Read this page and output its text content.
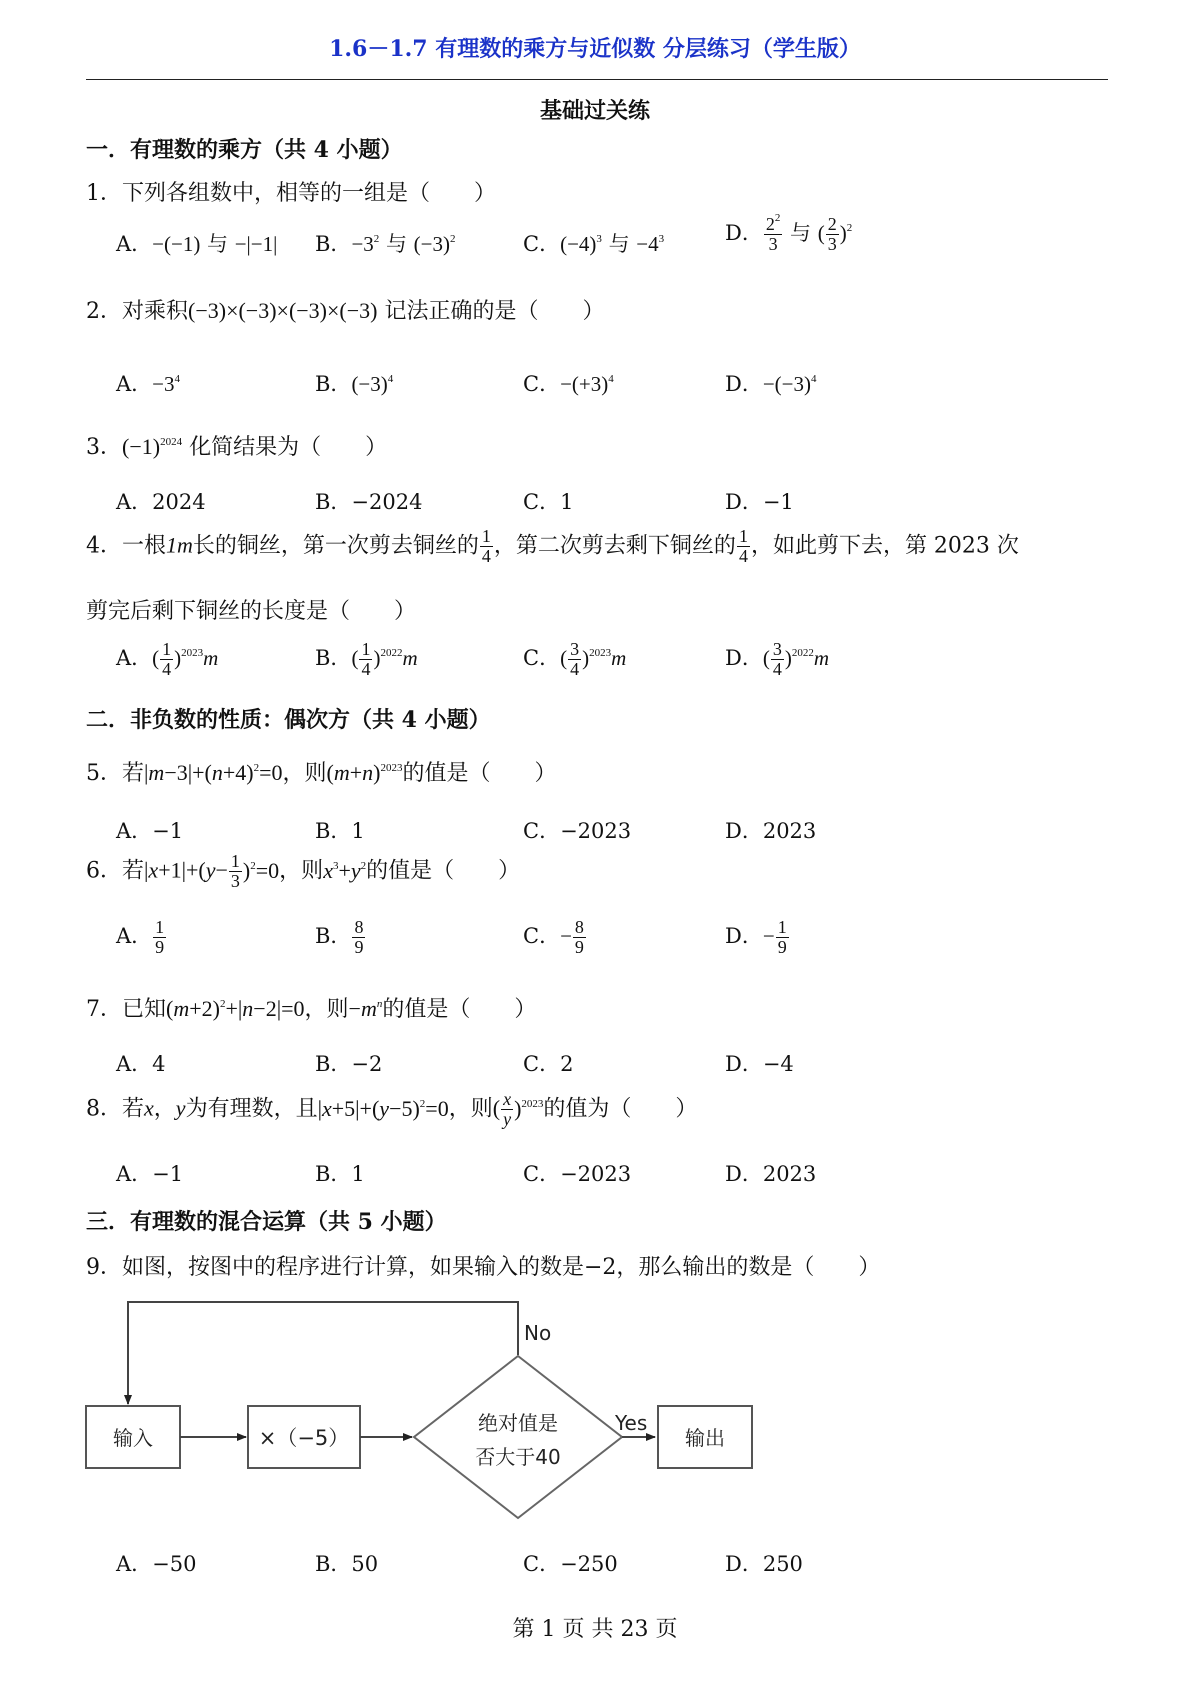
1.6－1.7 有理数的乘方与近似数 分层练习（学生版）
基础过关练
一．有理数的乘方（共 4 小题）
1．下列各组数中，相等的一组是（　　）
A．−(−1) 与 −|−1| B．$-3^2$ 与 $(-3)^2$	C．$(-4)^3$ 与 $-4^3$	D． $\frac{2^2}{3}$ 与 ( $\frac{2}{3} )^2$
2．对乘积(−3)×(−3)×(−3)×(−3) 记法正确的是（　　）
A．$-3^4$	B．$(-3)^4$	C．$-(+3)^4$	D．$-(-3)^4$
3．$(-1)^{2024}$ 化简结果为（　　）
A．2024	B．−2024	C．1	D．−1
4．一根1m长的铜丝，第一次剪去铜丝的 $\frac{1}{4}$ ，第二次剪去剩下铜丝的 $\frac{1}{4}$ ，如此剪下去，第 2023 次
剪完后剩下铜丝的长度是（　　）
A．( $\frac{1}{4} )^{2023}m$	B．( $\frac{1}{4} )^{2022}m$	C．( $\frac{3}{4} )^{2023}m$	D．( $\frac{3}{4} )^{2022}m$
二．非负数的性质：偶次方（共 4 小题）
5．若$|m-3|+(n+4)^2=0$，则$(m+n)^{2023}$的值是（　　）
A．−1	B．1	C．−2023	D．2023
6．若$|x+1|+(y- \frac{1}{3} )^2=0$，则$x^3+y^2$的值是（　　）
A． $\frac{1}{9}$	B． $\frac{8}{9}$	C．− $\frac{8}{9}$	D．− $\frac{1}{9}$
7．已知$(m+2)^2+|n-2|=0$，则$-m^n$的值是（　　）
A．4	B．−2	C．2	D．−4
8．若x，y为有理数，且$|x+5|+(y-5)^2=0$，则( $\frac{x}{y} )^{2023}$的值为（　　）
A．−1	B．1	C．−2023	D．2023
三．有理数的混合运算（共 5 小题）
9．如图，按图中的程序进行计算，如果输入的数是−2，那么输出的数是（　　）
输入	×（−5）
绝对值是
否大于40
No
Yes
输出
A．−50	B．50	C．−250	D．250
第 1 页 共 23 页
